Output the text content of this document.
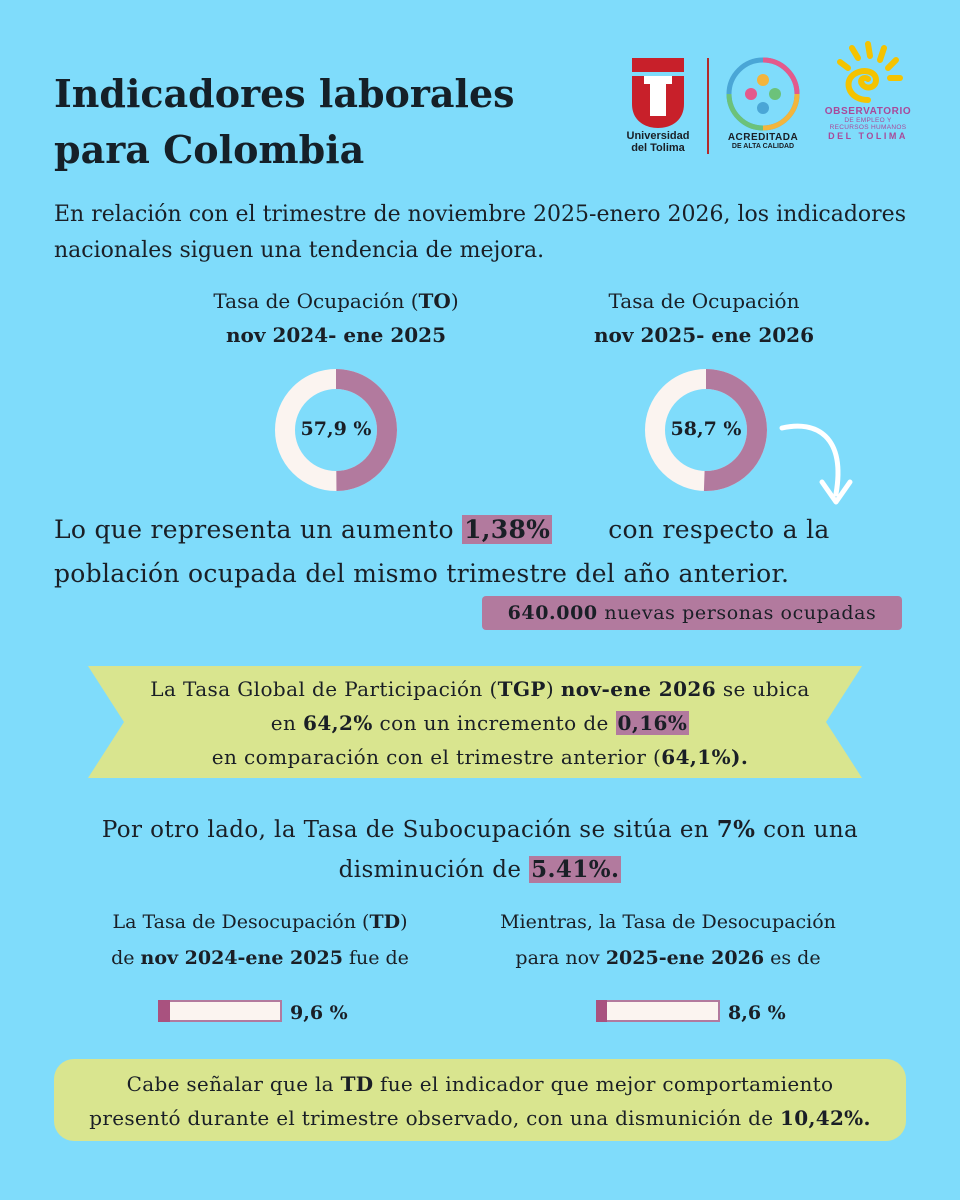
Indicadores laborales para Colombia	Universidad
del Tolima
ACREDITADA
DE ALTA CALIDAD
OBSERVATORIO
DE EMPLEO Y
RECURSOS HUMANOS
DEL TOLIMA
En relación con el trimestre de noviembre 2025-enero 2026, los indicadores nacionales siguen una tendencia de mejora.
Tasa de Ocupación (TO)
nov 2024- ene 2025
57,9 %
Tasa de Ocupación
nov 2025- ene 2026
58,7 %
Lo que representa un aumento 1,38% con respecto a la
población ocupada del mismo trimestre del año anterior.
640.000 nuevas personas ocupadas
La Tasa Global de Participación (TGP) nov-ene 2026 se ubica
en 64,2% con un incremento de 0,16%
en comparación con el trimestre anterior (64,1%).
Por otro lado, la Tasa de Subocupación se sitúa en 7% con una
disminución de 5.41%.
La Tasa de Desocupación (TD)
de nov 2024-ene 2025 fue de
9,6 %
Mientras, la Tasa de Desocupación
para nov 2025-ene 2026 es de
8,6 %
Cabe señalar que la TD fue el indicador que mejor comportamiento
presentó durante el trimestre observado, con una dismunición de 10,42%.
